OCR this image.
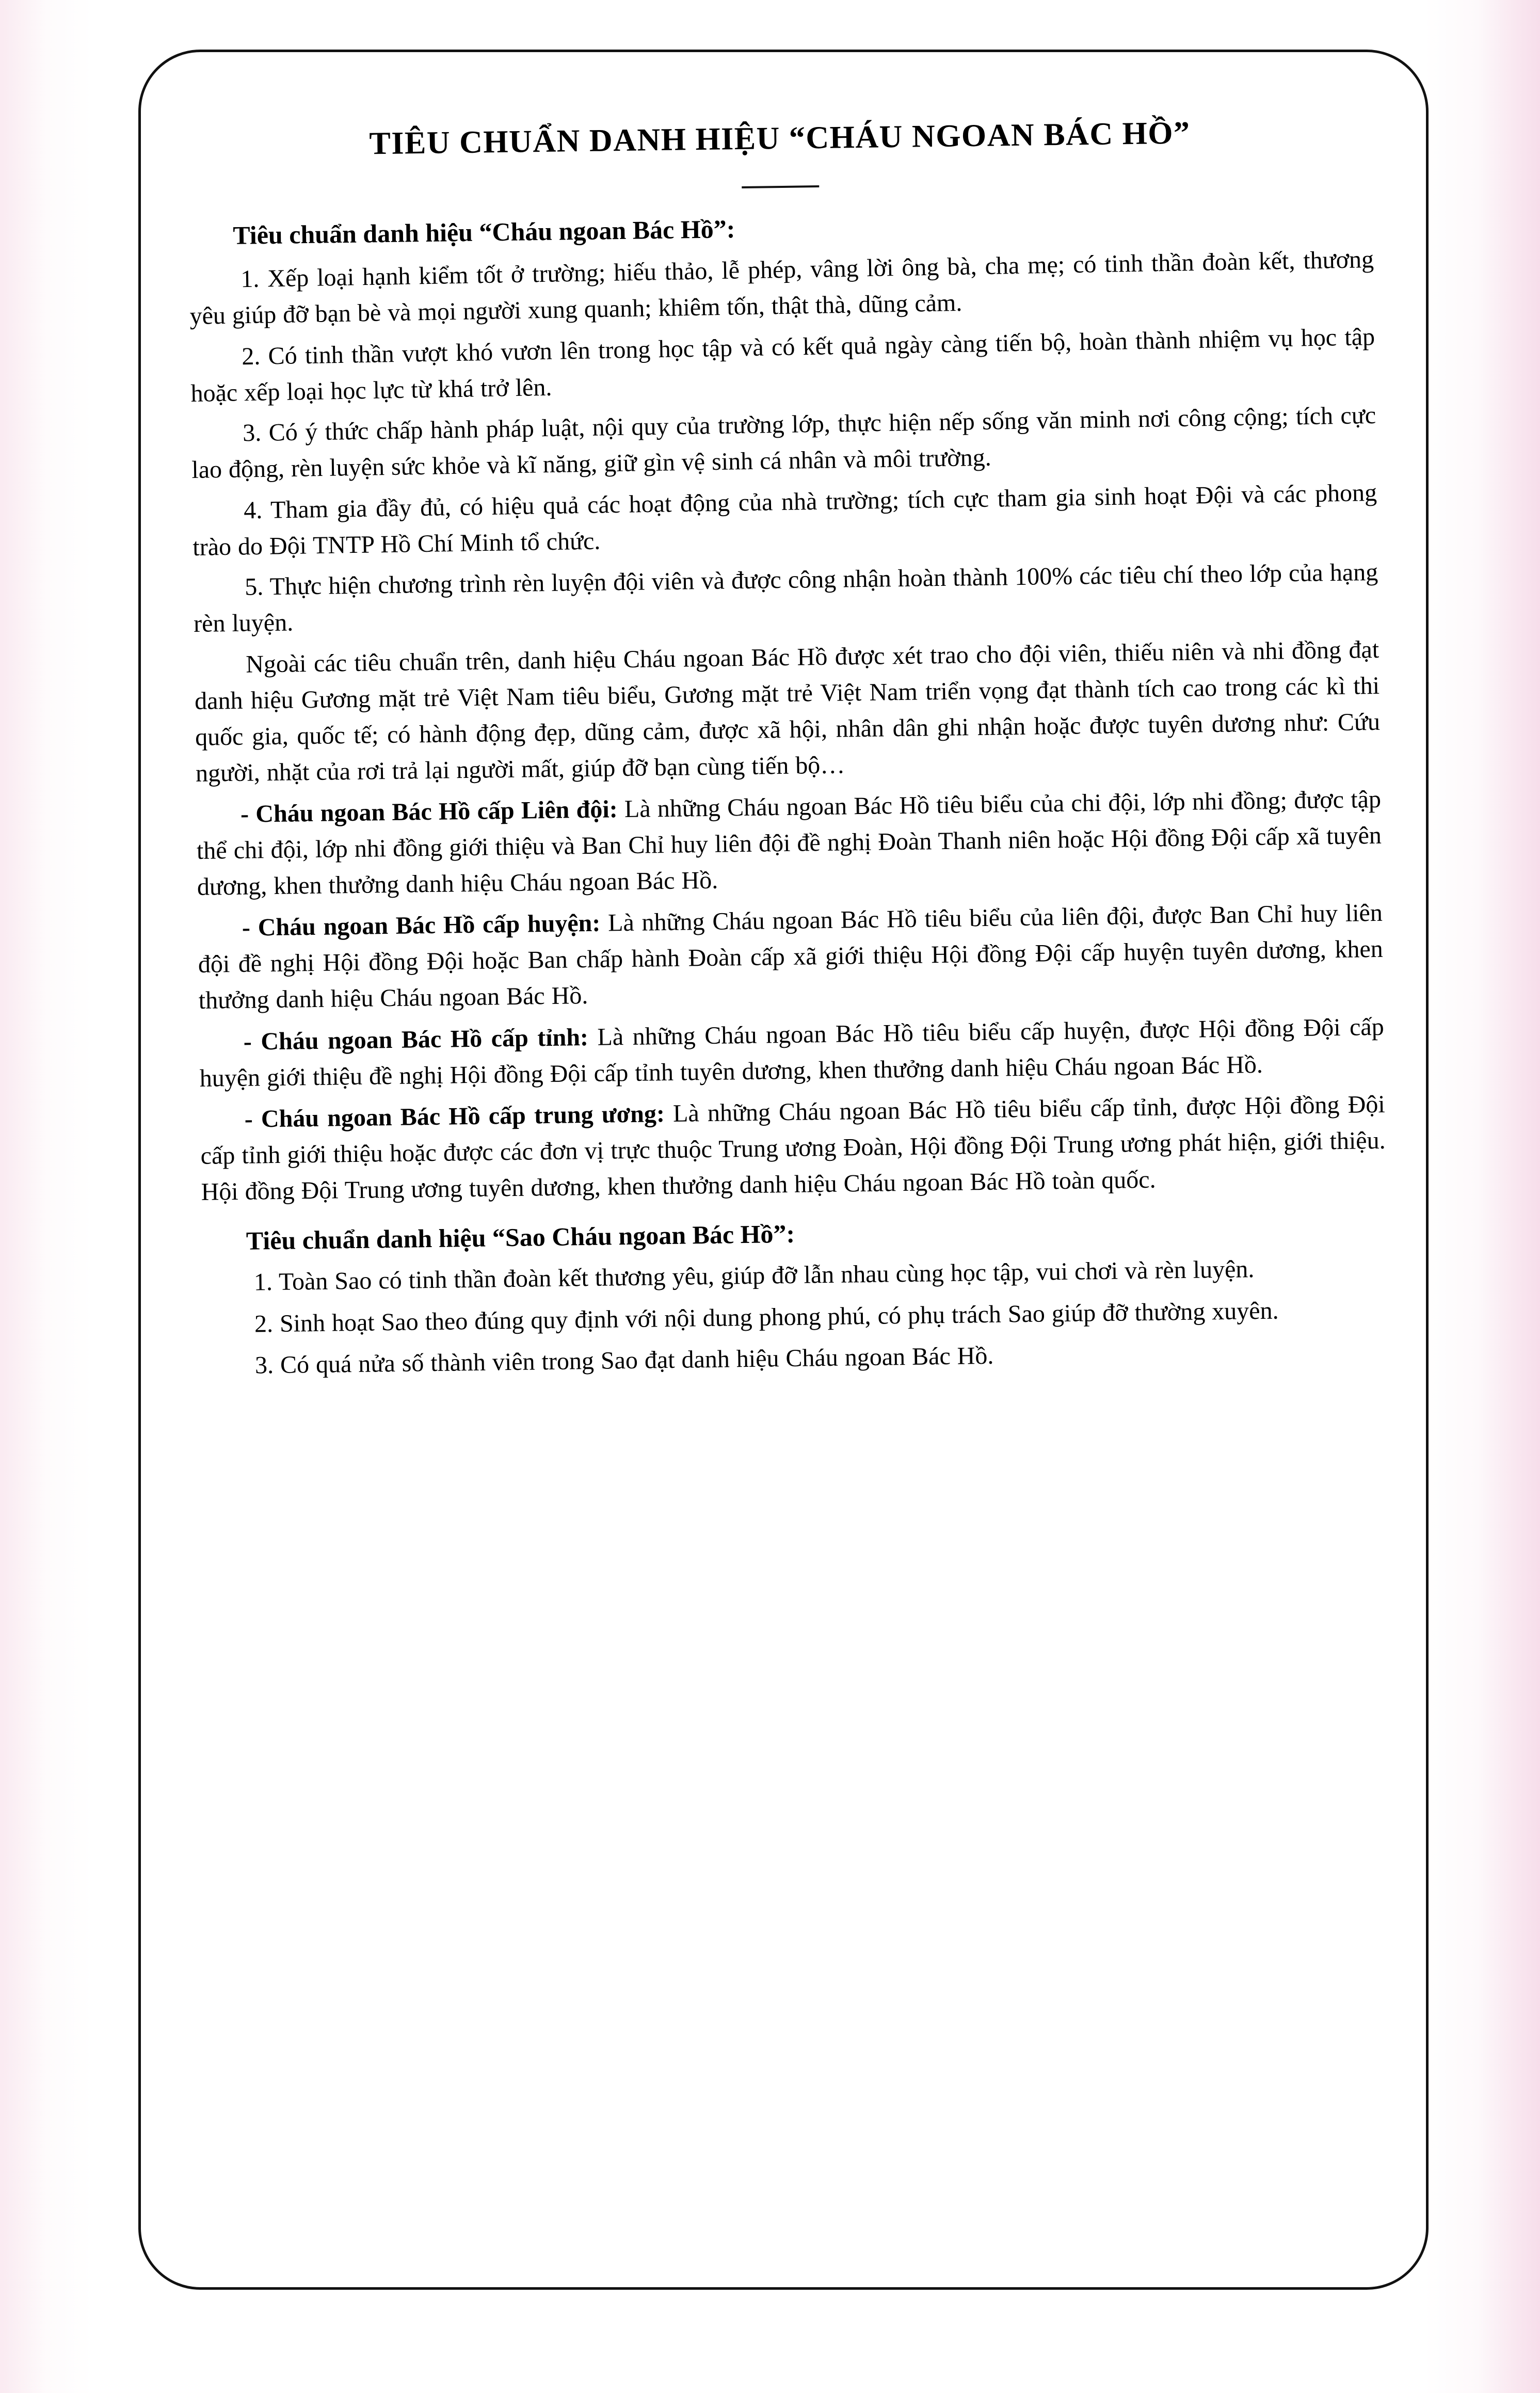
TIÊU CHUẨN DANH HIỆU “CHÁU NGOAN BÁC HỒ”
Tiêu chuẩn danh hiệu “Cháu ngoan Bác Hồ”:

1. Xếp loại hạnh kiểm tốt ở trường; hiếu thảo, lễ phép, vâng lời ông bà, cha mẹ; có tinh thần đoàn kết, thương yêu giúp đỡ bạn bè và mọi người xung quanh; khiêm tốn, thật thà, dũng cảm.

2. Có tinh thần vượt khó vươn lên trong học tập và có kết quả ngày càng tiến bộ, hoàn thành nhiệm vụ học tập hoặc xếp loại học lực từ khá trở lên.

3. Có ý thức chấp hành pháp luật, nội quy của trường lớp, thực hiện nếp sống văn minh nơi công cộng; tích cực lao động, rèn luyện sức khỏe và kĩ năng, giữ gìn vệ sinh cá nhân và môi trường.

4. Tham gia đầy đủ, có hiệu quả các hoạt động của nhà trường; tích cực tham gia sinh hoạt Đội và các phong trào do Đội TNTP Hồ Chí Minh tổ chức.

5. Thực hiện chương trình rèn luyện đội viên và được công nhận hoàn thành 100% các tiêu chí theo lớp của hạng rèn luyện.

Ngoài các tiêu chuẩn trên, danh hiệu Cháu ngoan Bác Hồ được xét trao cho đội viên, thiếu niên và nhi đồng đạt danh hiệu Gương mặt trẻ Việt Nam tiêu biểu, Gương mặt trẻ Việt Nam triển vọng đạt thành tích cao trong các kì thi quốc gia, quốc tế; có hành động đẹp, dũng cảm, được xã hội, nhân dân ghi nhận hoặc được tuyên dương như: Cứu người, nhặt của rơi trả lại người mất, giúp đỡ bạn cùng tiến bộ…

- Cháu ngoan Bác Hồ cấp Liên đội: Là những Cháu ngoan Bác Hồ tiêu biểu của chi đội, lớp nhi đồng; được tập thể chi đội, lớp nhi đồng giới thiệu và Ban Chỉ huy liên đội đề nghị Đoàn Thanh niên hoặc Hội đồng Đội cấp xã tuyên dương, khen thưởng danh hiệu Cháu ngoan Bác Hồ.

- Cháu ngoan Bác Hồ cấp huyện: Là những Cháu ngoan Bác Hồ tiêu biểu của liên đội, được Ban Chỉ huy liên đội đề nghị Hội đồng Đội hoặc Ban chấp hành Đoàn cấp xã giới thiệu Hội đồng Đội cấp huyện tuyên dương, khen thưởng danh hiệu Cháu ngoan Bác Hồ.

- Cháu ngoan Bác Hồ cấp tỉnh: Là những Cháu ngoan Bác Hồ tiêu biểu cấp huyện, được Hội đồng Đội cấp huyện giới thiệu đề nghị Hội đồng Đội cấp tỉnh tuyên dương, khen thưởng danh hiệu Cháu ngoan Bác Hồ.

- Cháu ngoan Bác Hồ cấp trung ương: Là những Cháu ngoan Bác Hồ tiêu biểu cấp tỉnh, được Hội đồng Đội cấp tỉnh giới thiệu hoặc được các đơn vị trực thuộc Trung ương Đoàn, Hội đồng Đội Trung ương phát hiện, giới thiệu. Hội đồng Đội Trung ương tuyên dương, khen thưởng danh hiệu Cháu ngoan Bác Hồ toàn quốc.

Tiêu chuẩn danh hiệu “Sao Cháu ngoan Bác Hồ”:

1. Toàn Sao có tinh thần đoàn kết thương yêu, giúp đỡ lẫn nhau cùng học tập, vui chơi và rèn luyện.

2. Sinh hoạt Sao theo đúng quy định với nội dung phong phú, có phụ trách Sao giúp đỡ thường xuyên.

3. Có quá nửa số thành viên trong Sao đạt danh hiệu Cháu ngoan Bác Hồ.
